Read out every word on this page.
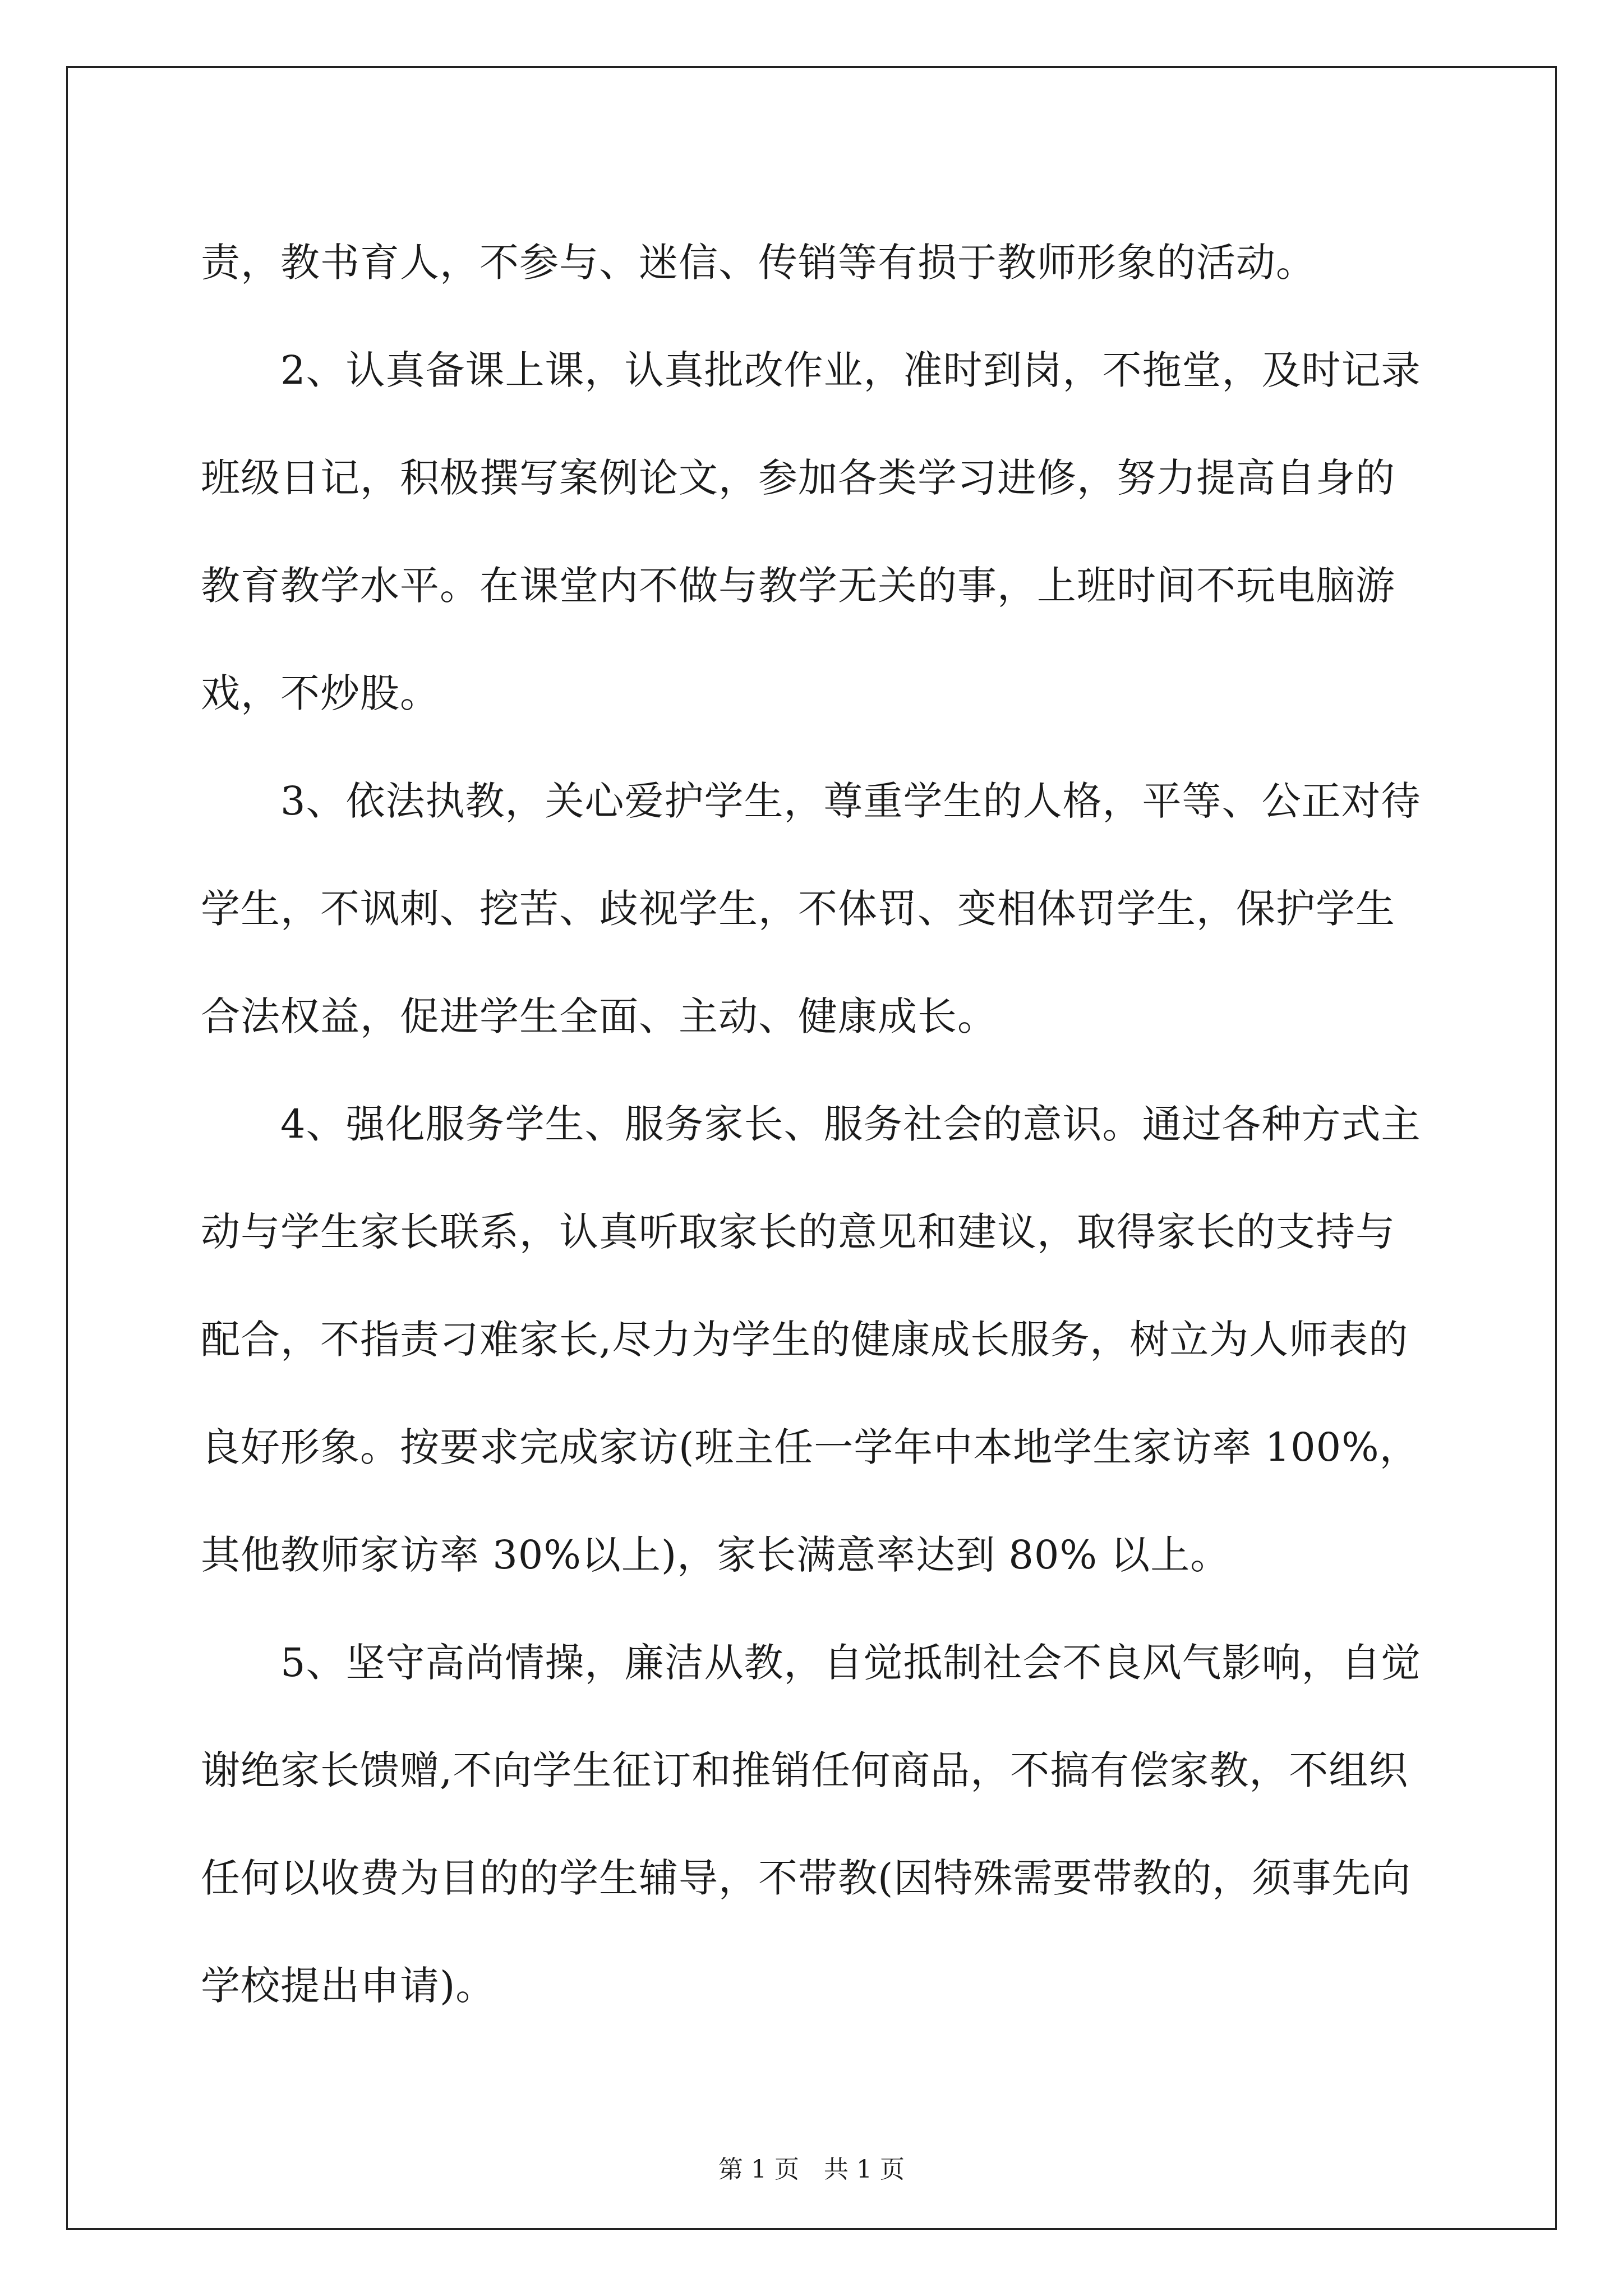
责，教书育人，不参与、迷信、传销等有损于教师形象的活动。
　　2、认真备课上课，认真批改作业，准时到岗，不拖堂，及时记录
班级日记，积极撰写案例论文，参加各类学习进修，努力提高自身的
教育教学水平。在课堂内不做与教学无关的事，上班时间不玩电脑游
戏，不炒股。
　　3、依法执教，关心爱护学生，尊重学生的人格，平等、公正对待
学生，不讽刺、挖苦、歧视学生，不体罚、变相体罚学生，保护学生
合法权益，促进学生全面、主动、健康成长。
　　4、强化服务学生、服务家长、服务社会的意识。通过各种方式主
动与学生家长联系，认真听取家长的意见和建议，取得家长的支持与
配合，不指责刁难家长,尽力为学生的健康成长服务，树立为人师表的
良好形象。按要求完成家访(班主任一学年中本地学生家访率 100%，
其他教师家访率 30%以上)，家长满意率达到 80% 以上。
　　5、坚守高尚情操，廉洁从教，自觉抵制社会不良风气影响，自觉
谢绝家长馈赠,不向学生征订和推销任何商品，不搞有偿家教，不组织
任何以收费为目的的学生辅导，不带教(因特殊需要带教的，须事先向
学校提出申请)。
第 1 页　共 1 页
